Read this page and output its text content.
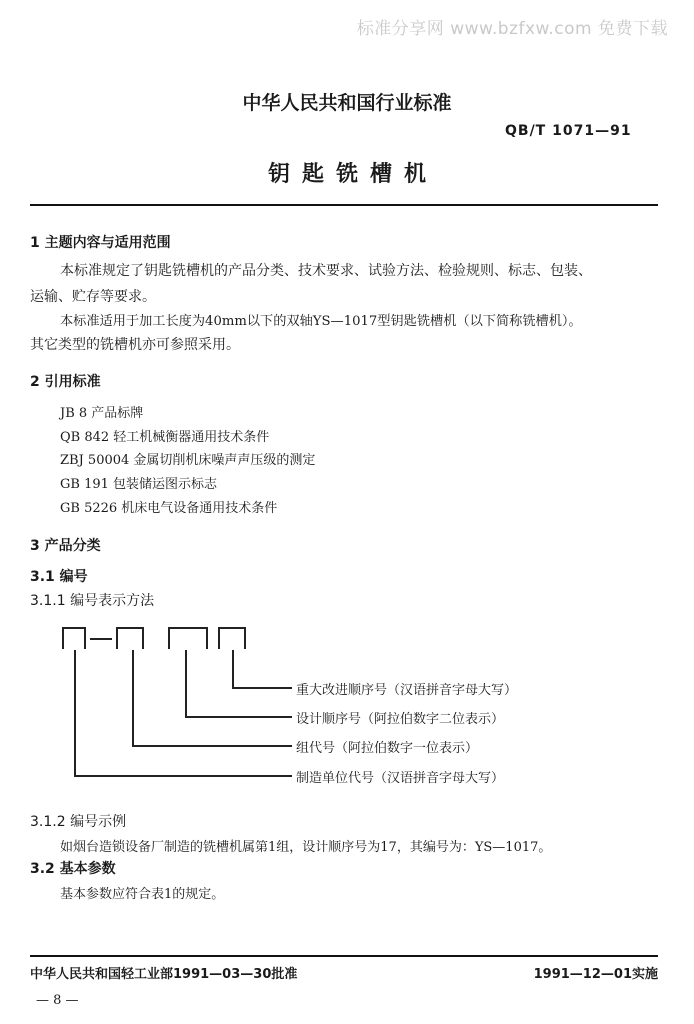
标准分享网 www.bzfxw.com 免费下载
中华人民共和国行业标准
QB/T 1071—91
钥匙铣槽机
1 主题内容与适用范围
本标准规定了钥匙铣槽机的产品分类、技术要求、试验方法、检验规则、标志、包装、
运输、贮存等要求。
本标准适用于加工长度为40mm以下的双轴YS—1017型钥匙铣槽机（以下简称铣槽机）。
其它类型的铣槽机亦可参照采用。
2 引用标准
JB 8 产品标牌
QB 842 轻工机械衡器通用技术条件
ZBJ 50004 金属切削机床噪声声压级的测定
GB 191 包装储运图示标志
GB 5226 机床电气设备通用技术条件
3 产品分类
3.1 编号
3.1.1 编号表示方法
重大改进顺序号（汉语拼音字母大写）
设计顺序号（阿拉伯数字二位表示）
组代号（阿拉伯数字一位表示）
制造单位代号（汉语拼音字母大写）
3.1.2 编号示例
如烟台造锁设备厂制造的铣槽机属第1组，设计顺序号为17，其编号为：YS—1017。
3.2 基本参数
基本参数应符合表1的规定。
中华人民共和国轻工业部1991—03—30批准	1991—12—01实施
— 8 —
